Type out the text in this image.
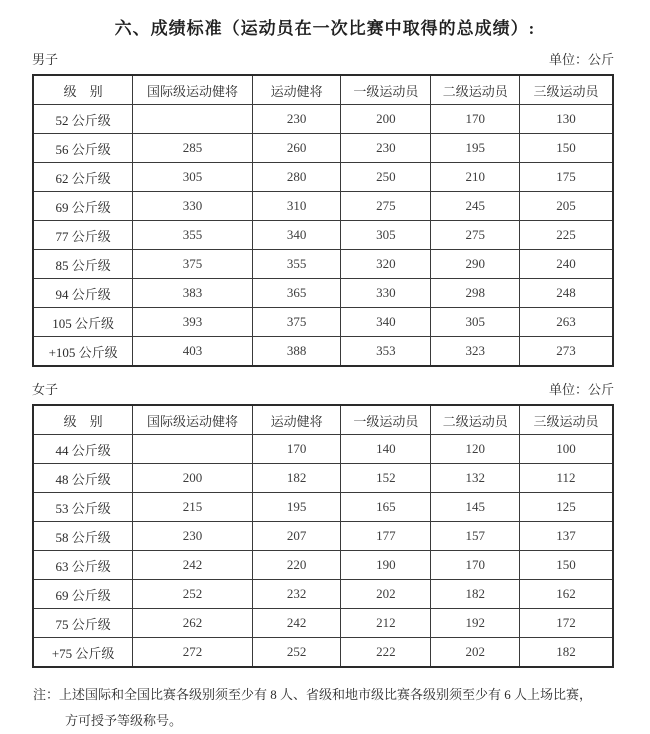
六、成绩标准（运动员在一次比赛中取得的总成绩）:
男子	单位：公斤
级　别	国际级运动健将	运动健将	一级运动员	二级运动员	三级运动员
52 公斤级		230	200	170	130
56 公斤级	285	260	230	195	150
62 公斤级	305	280	250	210	175
69 公斤级	330	310	275	245	205
77 公斤级	355	340	305	275	225
85 公斤级	375	355	320	290	240
94 公斤级	383	365	330	298	248
105 公斤级	393	375	340	305	263
+105 公斤级	403	388	353	323	273
女子	单位：公斤
级　别	国际级运动健将	运动健将	一级运动员	二级运动员	三级运动员
44 公斤级		170	140	120	100
48 公斤级	200	182	152	132	112
53 公斤级	215	195	165	145	125
58 公斤级	230	207	177	157	137
63 公斤级	242	220	190	170	150
69 公斤级	252	232	202	182	162
75 公斤级	262	242	212	192	172
+75 公斤级	272	252	222	202	182
注：上述国际和全国比赛各级别须至少有 8 人、省级和地市级比赛各级别须至少有 6 人上场比赛，
方可授予等级称号。
